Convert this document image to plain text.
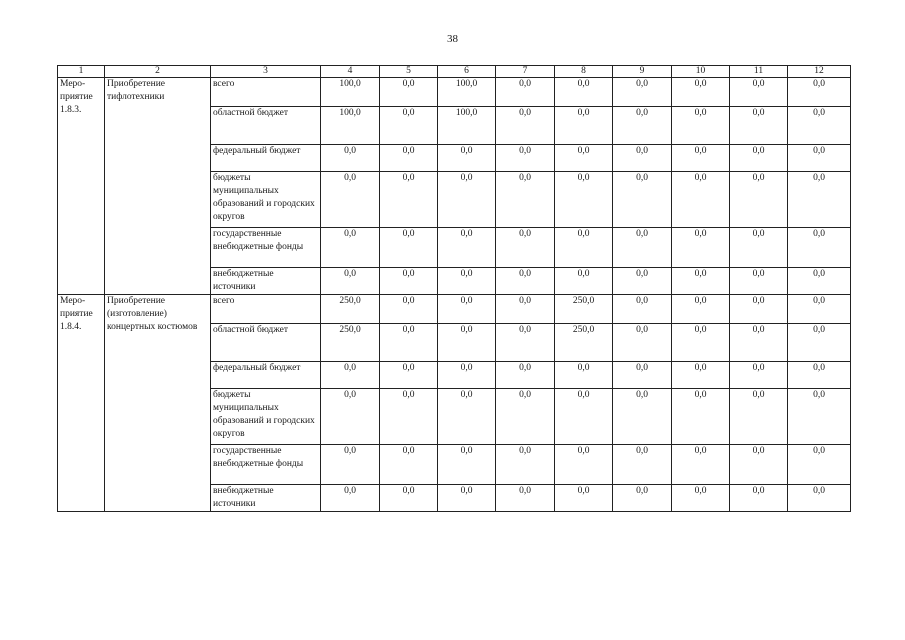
38
1	2	3	4	5	6	7	8	9	10	11	12
Меро-приятие 1.8.3.	Приобретение тифлотехники	всего	100,0	0,0	100,0	0,0	0,0	0,0	0,0	0,0	0,0
		областной бюджет	100,0	0,0	100,0	0,0	0,0	0,0	0,0	0,0	0,0
		федеральный бюджет	0,0	0,0	0,0	0,0	0,0	0,0	0,0	0,0	0,0
		бюджеты муниципальных образований и городских округов	0,0	0,0	0,0	0,0	0,0	0,0	0,0	0,0	0,0
		государственные внебюджетные фонды	0,0	0,0	0,0	0,0	0,0	0,0	0,0	0,0	0,0
		внебюджетные источники	0,0	0,0	0,0	0,0	0,0	0,0	0,0	0,0	0,0
Меро-приятие 1.8.4.	Приобретение (изготовление) концертных костюмов	всего	250,0	0,0	0,0	0,0	250,0	0,0	0,0	0,0	0,0
		областной бюджет	250,0	0,0	0,0	0,0	250,0	0,0	0,0	0,0	0,0
		федеральный бюджет	0,0	0,0	0,0	0,0	0,0	0,0	0,0	0,0	0,0
		бюджеты муниципальных образований и городских округов	0,0	0,0	0,0	0,0	0,0	0,0	0,0	0,0	0,0
		государственные внебюджетные фонды	0,0	0,0	0,0	0,0	0,0	0,0	0,0	0,0	0,0
		внебюджетные источники	0,0	0,0	0,0	0,0	0,0	0,0	0,0	0,0	0,0
